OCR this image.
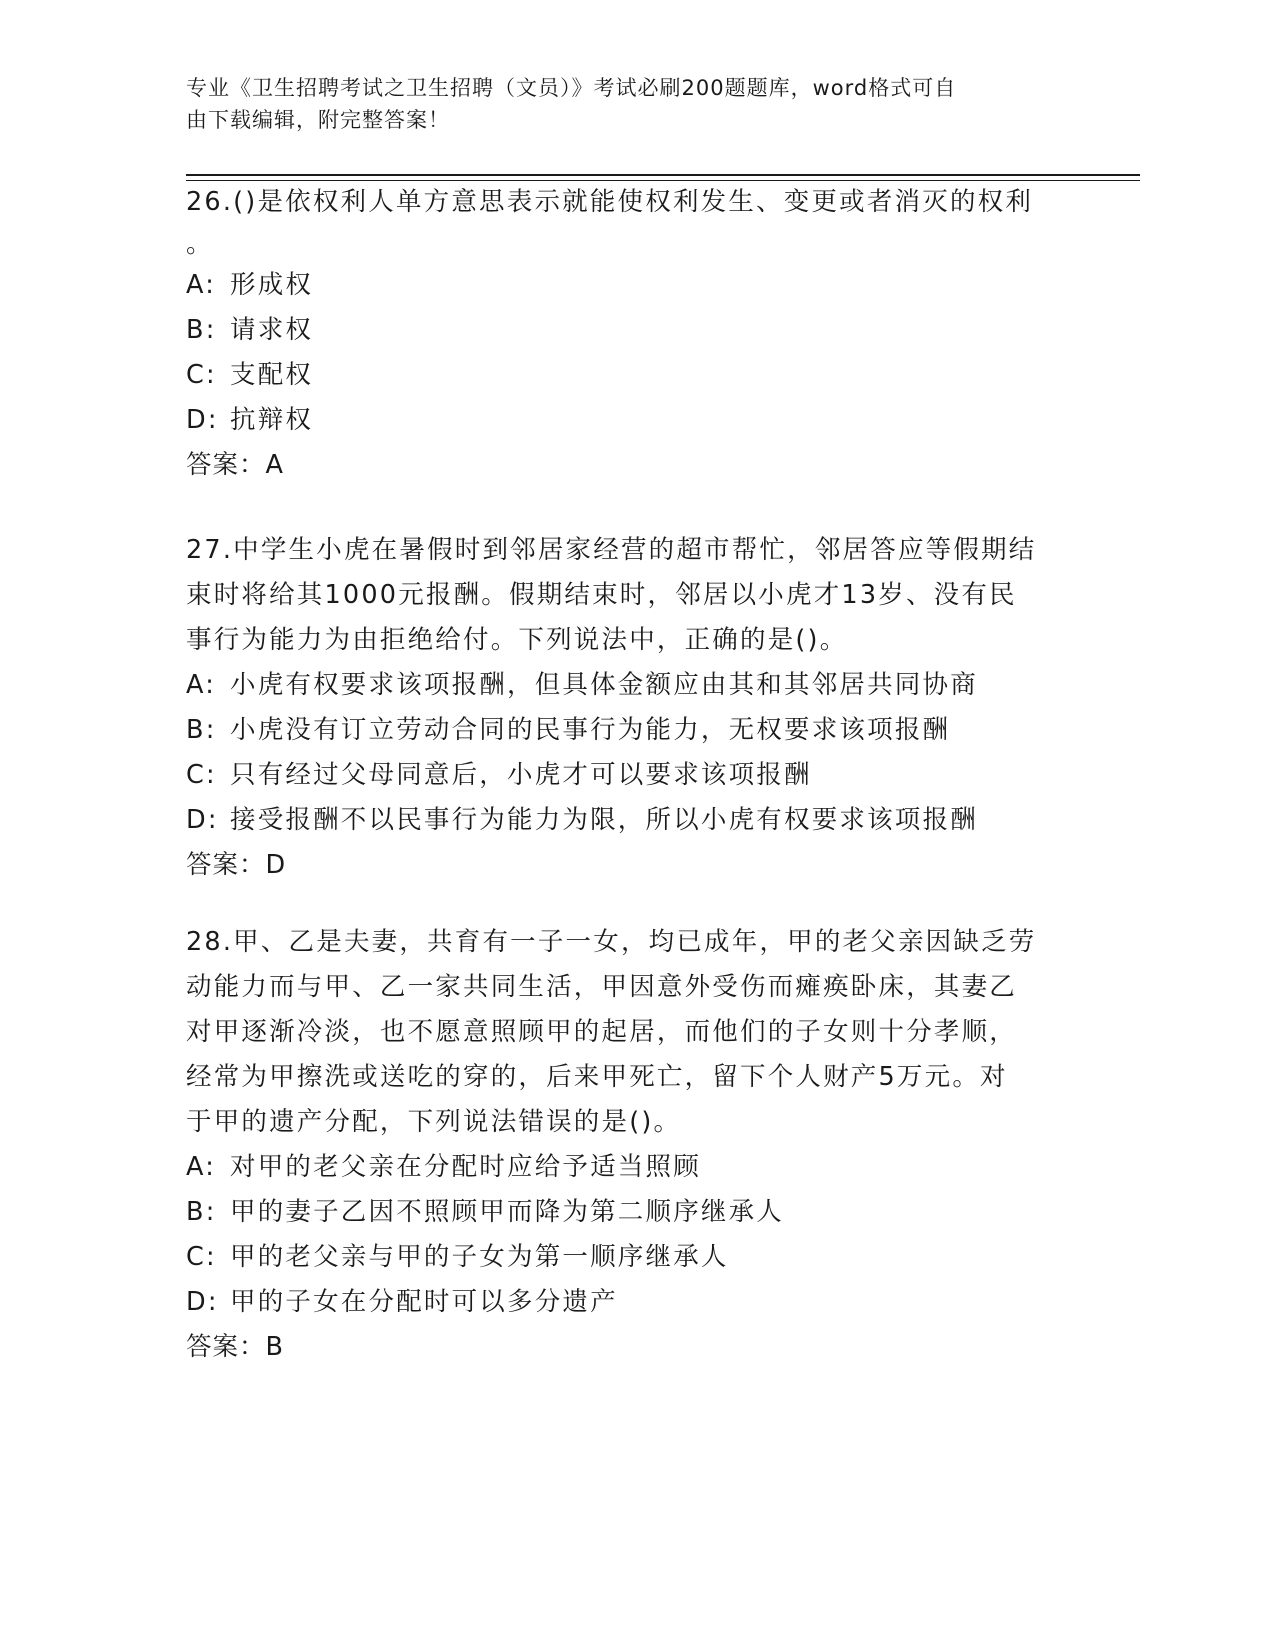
专业《卫生招聘考试之卫生招聘（文员）》考试必刷200题题库，word格式可自
由下载编辑，附完整答案！
26.()是依权利人单方意思表示就能使权利发生、变更或者消灭的权利
。
A: 形成权
B: 请求权
C: 支配权
D: 抗辩权
答案：A
27.中学生小虎在暑假时到邻居家经营的超市帮忙，邻居答应等假期结
束时将给其1000元报酬。假期结束时，邻居以小虎才13岁、没有民
事行为能力为由拒绝给付。下列说法中，正确的是()。
A: 小虎有权要求该项报酬，但具体金额应由其和其邻居共同协商
B: 小虎没有订立劳动合同的民事行为能力，无权要求该项报酬
C: 只有经过父母同意后，小虎才可以要求该项报酬
D: 接受报酬不以民事行为能力为限，所以小虎有权要求该项报酬
答案：D
28.甲、乙是夫妻，共育有一子一女，均已成年，甲的老父亲因缺乏劳
动能力而与甲、乙一家共同生活，甲因意外受伤而瘫痪卧床，其妻乙
对甲逐渐冷淡，也不愿意照顾甲的起居，而他们的子女则十分孝顺，
经常为甲擦洗或送吃的穿的，后来甲死亡，留下个人财产5万元。对
于甲的遗产分配，下列说法错误的是()。
A: 对甲的老父亲在分配时应给予适当照顾
B: 甲的妻子乙因不照顾甲而降为第二顺序继承人
C: 甲的老父亲与甲的子女为第一顺序继承人
D: 甲的子女在分配时可以多分遗产
答案：B
